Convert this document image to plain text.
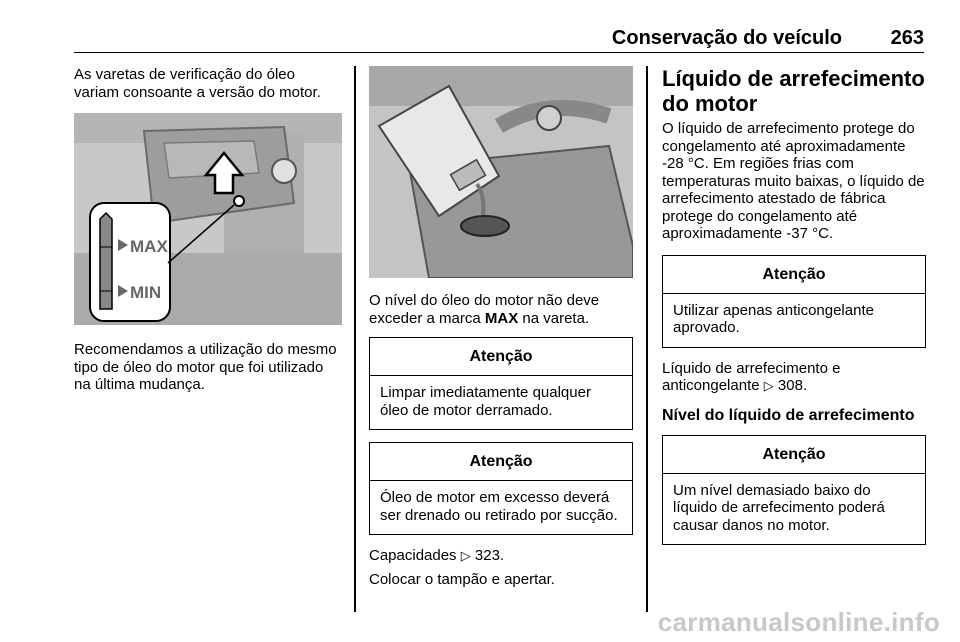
Conservação do veículo 263

As varetas de verificação do óleo variam consoante a versão do motor.

MAX
MIN

Recomendamos a utilização do mesmo tipo de óleo do motor que foi utilizado na última mudança.

O nível do óleo do motor não deve exceder a marca MAX na vareta.

Atenção
Limpar imediatamente qualquer óleo de motor derramado.
Atenção
Óleo de motor em excesso deverá ser drenado ou retirado por sucção.

Capacidades ▷ 323.

Colocar o tampão e apertar.

Líquido de arrefecimento do motor

O líquido de arrefecimento protege do congelamento até aproximadamente -28 °C. Em regiões frias com temperaturas muito baixas, o líquido de arrefecimento atestado de fábrica protege do congelamento até aproximadamente -37 °C.

Atenção
Utilizar apenas anticongelante aprovado.

Líquido de arrefecimento e anticongelante ▷ 308.

Nível do líquido de arrefecimento
Atenção
Um nível demasiado baixo do líquido de arrefecimento poderá causar danos no motor.
carmanualsonline.info
